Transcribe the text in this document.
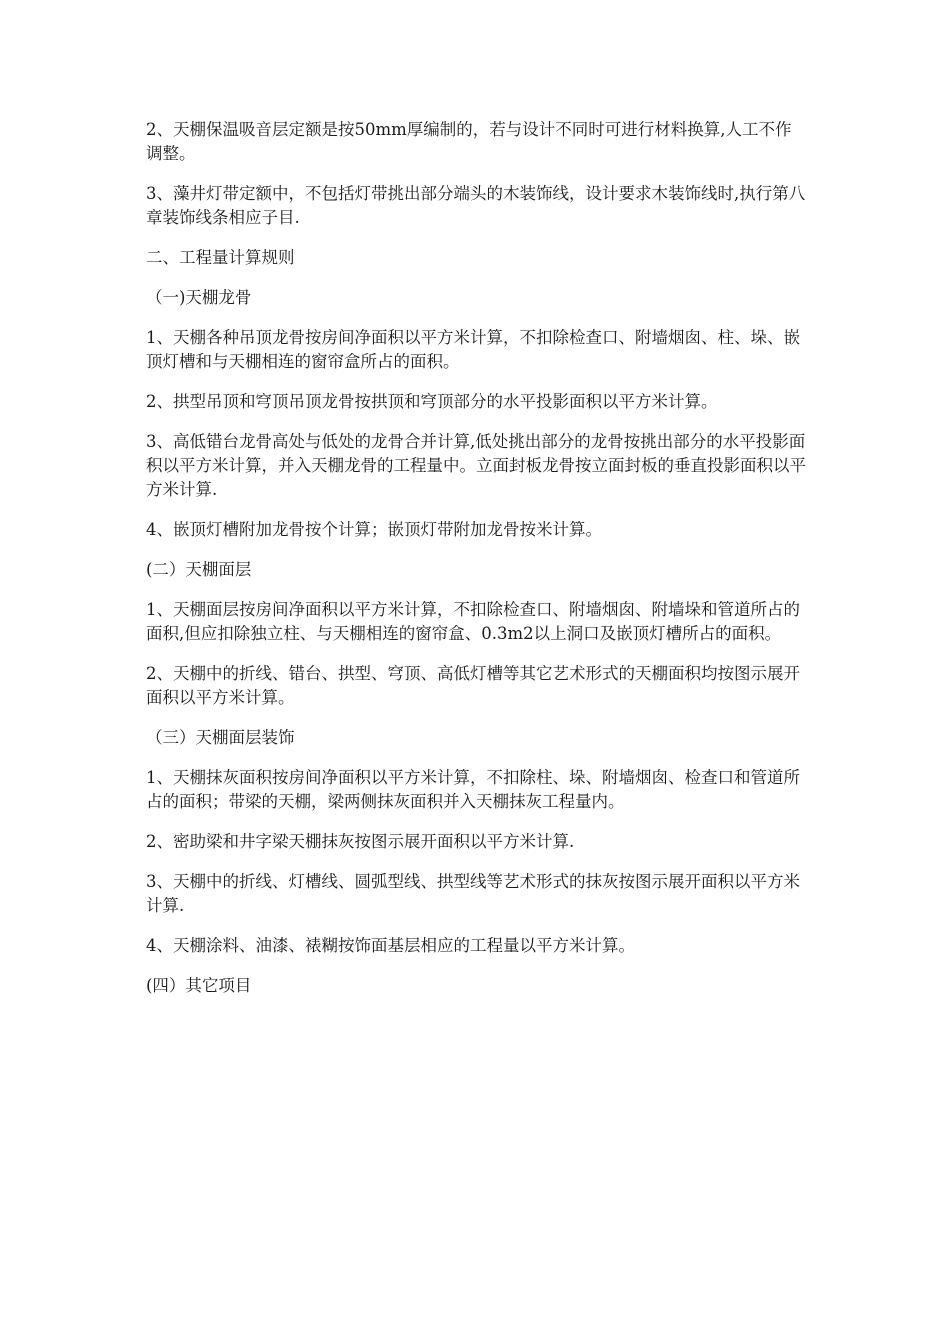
2、天棚保温吸音层定额是按50mm厚编制的，若与设计不同时可进行材料换算,人工不作调整。

3、藻井灯带定额中，不包括灯带挑出部分端头的木装饰线，设计要求木装饰线时,执行第八章装饰线条相应子目.

二、工程量计算规则

（一)天棚龙骨

1、天棚各种吊顶龙骨按房间净面积以平方米计算，不扣除检查口、附墙烟囱、柱、垛、嵌顶灯槽和与天棚相连的窗帘盒所占的面积。

2、拱型吊顶和穹顶吊顶龙骨按拱顶和穹顶部分的水平投影面积以平方米计算。

3、高低错台龙骨高处与低处的龙骨合并计算,低处挑出部分的龙骨按挑出部分的水平投影面积以平方米计算，并入天棚龙骨的工程量中。立面封板龙骨按立面封板的垂直投影面积以平方米计算.

4、嵌顶灯槽附加龙骨按个计算；嵌顶灯带附加龙骨按米计算。

(二）天棚面层

1、天棚面层按房间净面积以平方米计算，不扣除检查口、附墙烟囱、附墙垛和管道所占的面积,但应扣除独立柱、与天棚相连的窗帘盒、0.3m2以上洞口及嵌顶灯槽所占的面积。

2、天棚中的折线、错台、拱型、穹顶、高低灯槽等其它艺术形式的天棚面积均按图示展开面积以平方米计算。

（三）天棚面层装饰

1、天棚抹灰面积按房间净面积以平方米计算，不扣除柱、垛、附墙烟囱、检查口和管道所占的面积；带梁的天棚，梁两侧抹灰面积并入天棚抹灰工程量内。

2、密助梁和井字梁天棚抹灰按图示展开面积以平方米计算.

3、天棚中的折线、灯槽线、圆弧型线、拱型线等艺术形式的抹灰按图示展开面积以平方米计算.

4、天棚涂料、油漆、裱糊按饰面基层相应的工程量以平方米计算。

(四）其它项目
